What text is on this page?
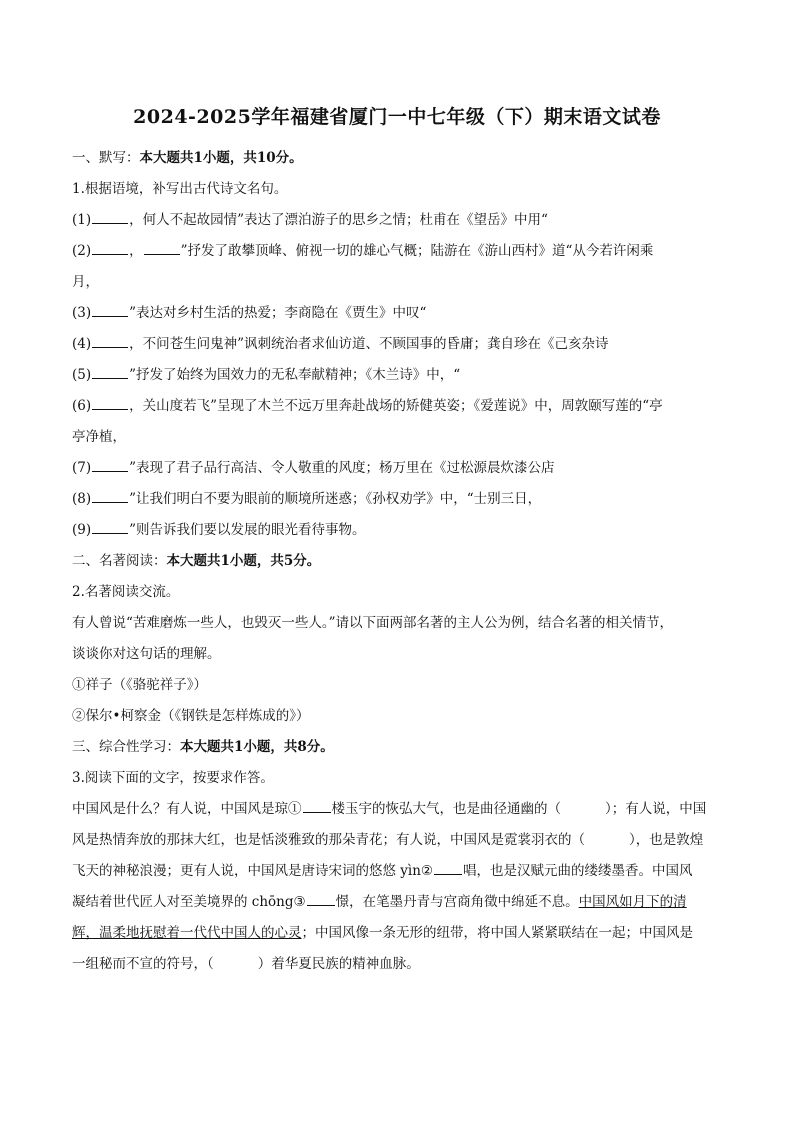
2024-2025学年福建省厦门一中七年级（下）期末语文试卷
一、默写：本大题共1小题，共10分。
1.根据语境，补写出古代诗文名句。
(1)	，何人不起故园情”表达了漂泊游子的思乡之情；杜甫在《望岳》中用“
(2)	，	”抒发了敢攀顶峰、俯视一切的雄心气概；陆游在《游山西村》道“从今若许闲乘
月，
(3)	”表达对乡村生活的热爱；李商隐在《贾生》中叹“
(4)	，不问苍生问鬼神”讽刺统治者求仙访道、不顾国事的昏庸；龚自珍在《己亥杂诗
(5)	”抒发了始终为国效力的无私奉献精神；《木兰诗》中，“
(6)	，关山度若飞”呈现了木兰不远万里奔赴战场的矫健英姿；《爱莲说》中，周敦颐写莲的“亭
亭净植，
(7)	”表现了君子品行高洁、令人敬重的风度；杨万里在《过松源晨炊漆公店
(8)	”让我们明白不要为眼前的顺境所迷惑；《孙权劝学》中，“士别三日，
(9)	”则告诉我们要以发展的眼光看待事物。
二、名著阅读：本大题共1小题，共5分。
2.名著阅读交流。
有人曾说“苦难磨炼一些人，也毁灭一些人。”请以下面两部名著的主人公为例，结合名著的相关情节，
谈谈你对这句话的理解。
①祥子（《骆驼祥子》）
②保尔•柯察金（《钢铁是怎样炼成的》）
三、综合性学习：本大题共1小题，共8分。
3.阅读下面的文字，按要求作答。
中国风是什么？有人说，中国风是琼① 楼玉宇的恢弘大气，也是曲径通幽的（	）；有人说，中国
风是热情奔放的那抹大红，也是恬淡雅致的那朵青花；有人说，中国风是霓裳羽衣的（	），也是敦煌
飞天的神秘浪漫；更有人说，中国风是唐诗宋词的悠悠 yìn② 唱，也是汉赋元曲的缕缕墨香。中国风
凝结着世代匠人对至美境界的 chōng③ 憬，在笔墨丹青与宫商角徵中绵延不息。中国风如月下的清
辉，温柔地抚慰着一代代中国人的心灵；中国风像一条无形的纽带，将中国人紧紧联结在一起；中国风是
一组秘而不宣的符号，（	）着华夏民族的精神血脉。
